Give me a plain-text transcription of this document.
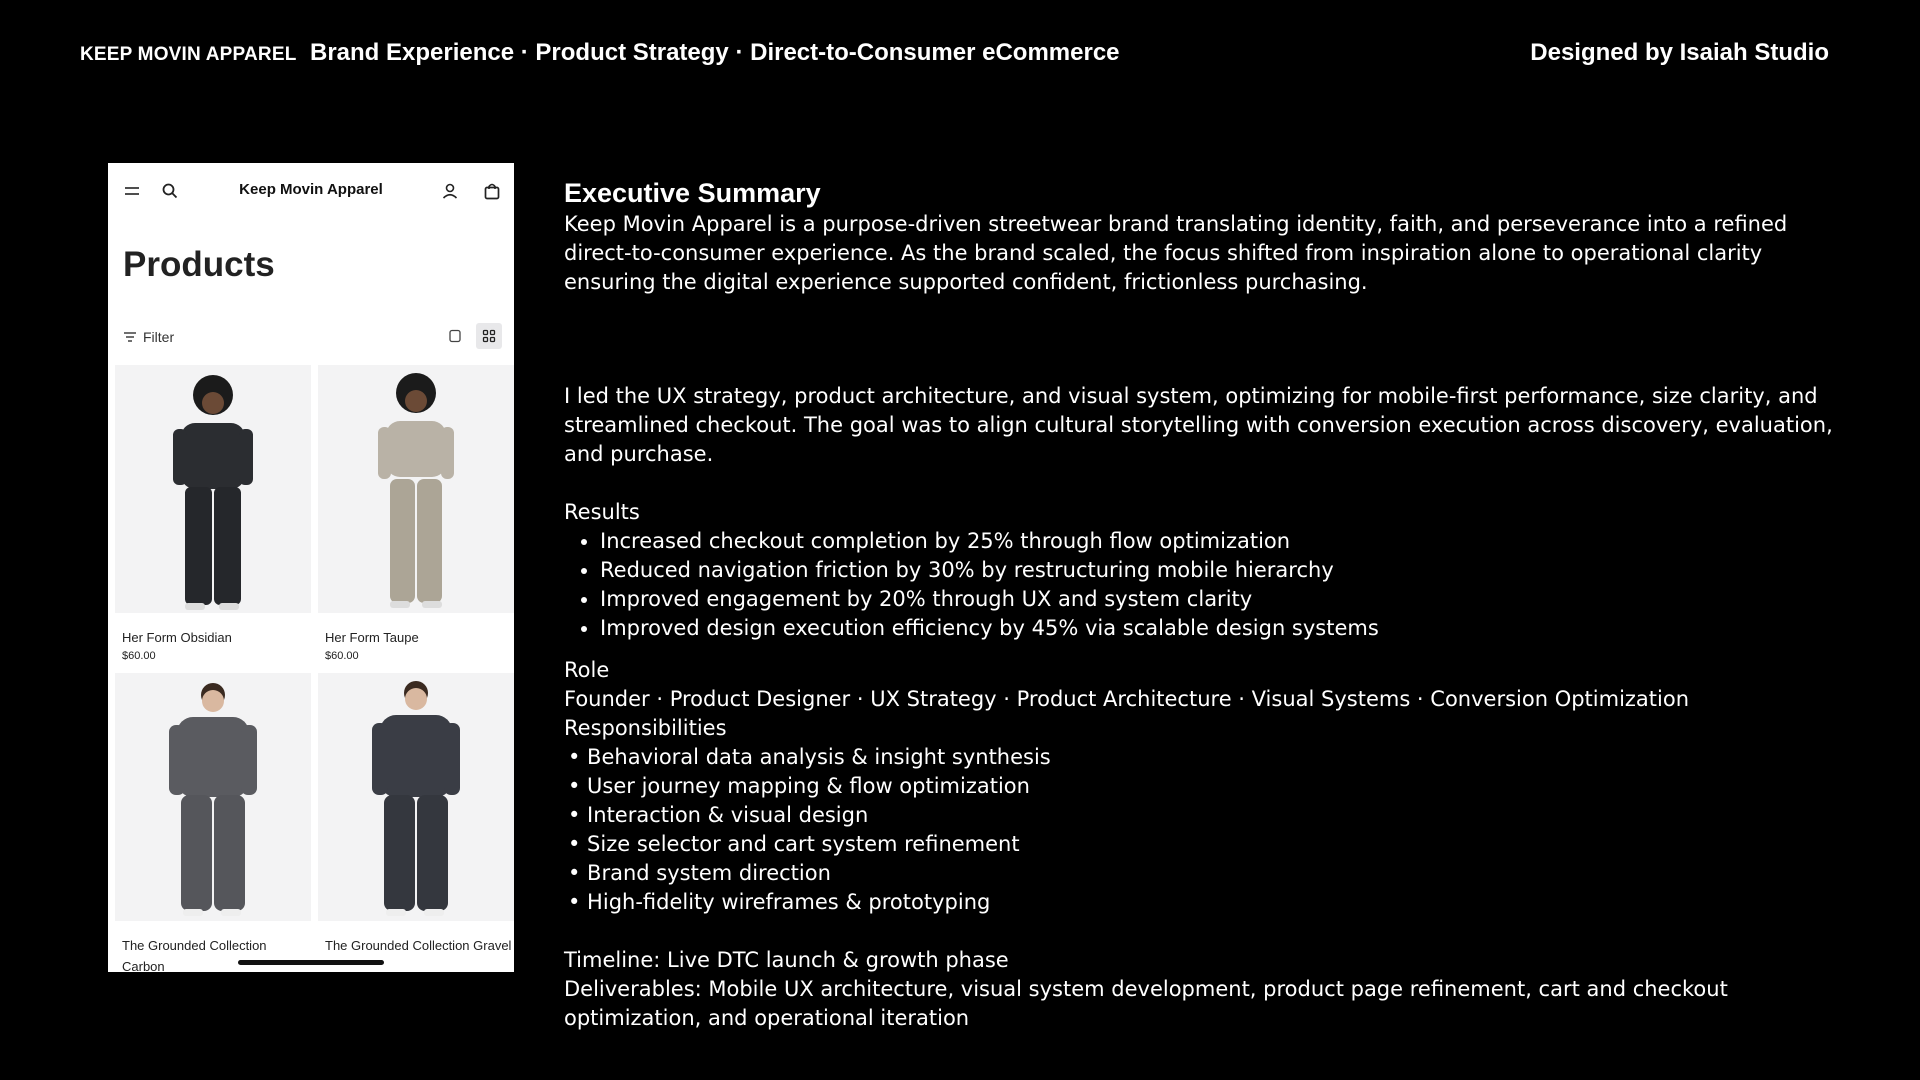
KEEP MOVIN APPAREL Brand Experience · Product Strategy · Direct-to-Consumer eCommerce	Designed by Isaiah Studio
Keep Movin Apparel
Products
Filter
Her Form Obsidian
$60.00
Her Form Taupe
$60.00
The Grounded Collection Carbon
The Grounded Collection Gravel

Executive Summary

Keep Movin Apparel is a purpose-driven streetwear brand translating identity, faith, and perseverance into a refined direct-to-consumer experience. As the brand scaled, the focus shifted from inspiration alone to operational clarity ensuring the digital experience supported confident, frictionless purchasing.

I led the UX strategy, product architecture, and visual system, optimizing for mobile-first performance, size clarity, and streamlined checkout. The goal was to align cultural storytelling with conversion execution across discovery, evaluation, and purchase.

Results

• Increased checkout completion by 25% through flow optimization
• Reduced navigation friction by 30% by restructuring mobile hierarchy
• Improved engagement by 20% through UX and system clarity
• Improved design execution efficiency by 45% via scalable design systems

Role

Founder · Product Designer · UX Strategy · Product Architecture · Visual Systems · Conversion Optimization

Responsibilities

• Behavioral data analysis & insight synthesis
• User journey mapping & flow optimization
• Interaction & visual design
• Size selector and cart system refinement
• Brand system direction
• High-fidelity wireframes & prototyping

Timeline: Live DTC launch & growth phase

Deliverables: Mobile UX architecture, visual system development, product page refinement, cart and checkout optimization, and operational iteration
